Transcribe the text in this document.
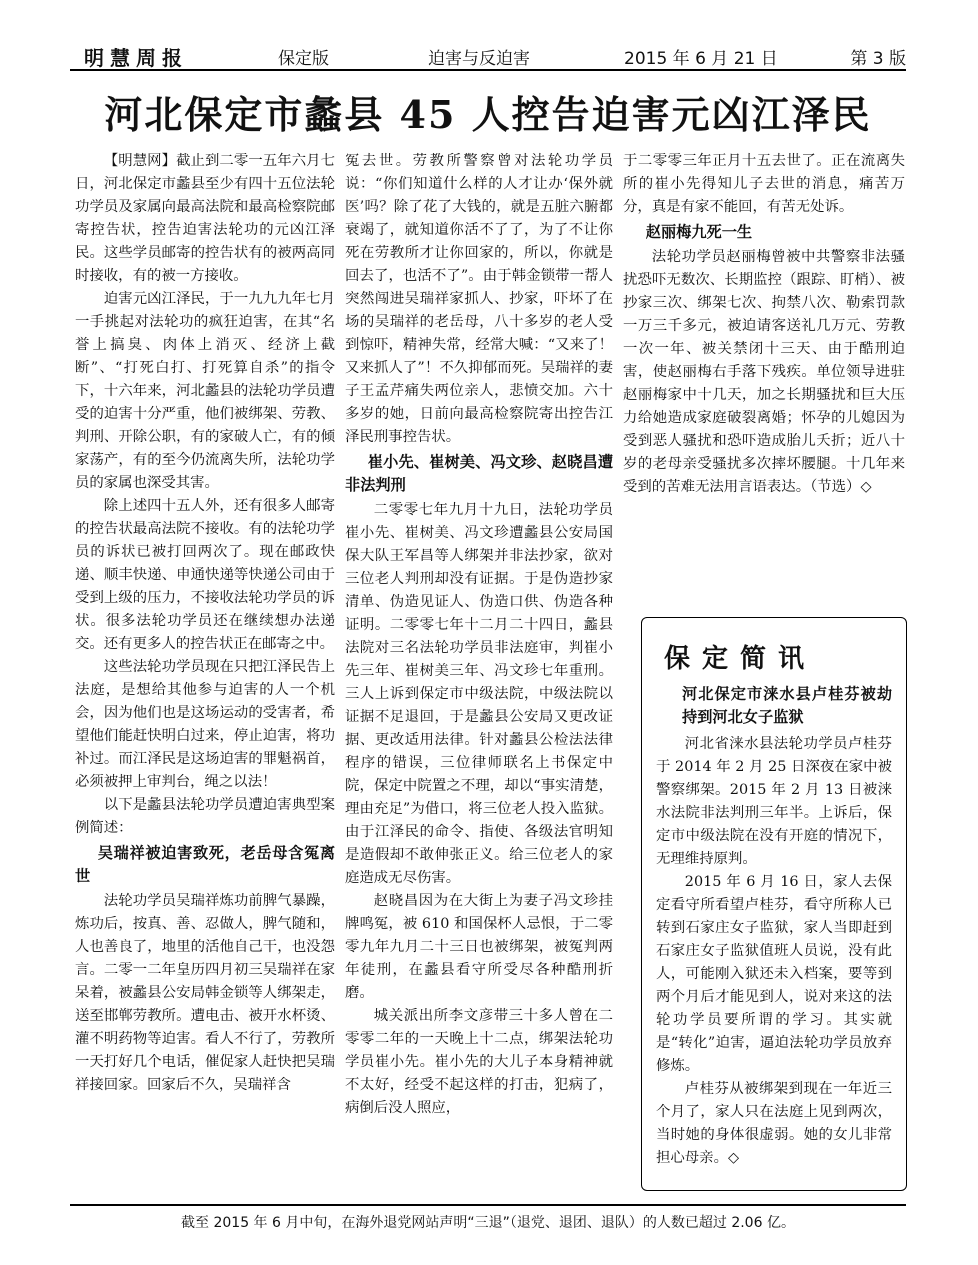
明慧周报	保定版	迫害与反迫害	2015 年 6 月 21 日	第 3 版
河北保定市蠡县 45 人控告迫害元凶江泽民

【明慧网】截止到二零一五年六月七日，河北保定市蠡县至少有四十五位法轮功学员及家属向最高法院和最高检察院邮寄控告状，控告迫害法轮功的元凶江泽民。这些学员邮寄的控告状有的被两高同时接收，有的被一方接收。

迫害元凶江泽民，于一九九九年七月一手挑起对法轮功的疯狂迫害，在其“名誉上搞臭、肉体上消灭、经济上截断”、“打死白打、打死算自杀”的指令下，十六年来，河北蠡县的法轮功学员遭受的迫害十分严重，他们被绑架、劳教、判刑、开除公职，有的家破人亡，有的倾家荡产，有的至今仍流离失所，法轮功学员的家属也深受其害。

除上述四十五人外，还有很多人邮寄的控告状最高法院不接收。有的法轮功学员的诉状已被打回两次了。现在邮政快递、顺丰快递、申通快递等快递公司由于受到上级的压力，不接收法轮功学员的诉状。很多法轮功学员还在继续想办法递交。还有更多人的控告状正在邮寄之中。

这些法轮功学员现在只把江泽民告上法庭，是想给其他参与迫害的人一个机会，因为他们也是这场运动的受害者，希望他们能赶快明白过来，停止迫害，将功补过。而江泽民是这场迫害的罪魁祸首，必须被押上审判台，绳之以法！

以下是蠡县法轮功学员遭迫害典型案例简述：

吴瑞祥被迫害致死，老岳母含冤离世

法轮功学员吴瑞祥炼功前脾气暴躁，炼功后，按真、善、忍做人，脾气随和，人也善良了，地里的活他自己干，也没怨言。二零一二年皇历四月初三吴瑞祥在家呆着，被蠡县公安局韩金锁等人绑架走，送至邯郸劳教所。遭电击、被开水杯烫、灌不明药物等迫害。看人不行了，劳教所一天打好几个电话，催促家人赶快把吴瑞祥接回家。回家后不久，吴瑞祥含

冤去世。劳教所警察曾对法轮功学员说：“你们知道什么样的人才让办‘保外就医’吗？除了花了大钱的，就是五脏六腑都衰竭了，就知道你活不了了，为了不让你死在劳教所才让你回家的，所以，你就是回去了，也活不了”。由于韩金锁带一帮人突然闯进吴瑞祥家抓人、抄家，吓坏了在场的吴瑞祥的老岳母，八十多岁的老人受到惊吓，精神失常，经常大喊：“又来了！又来抓人了”！不久抑郁而死。吴瑞祥的妻子王孟芹痛失两位亲人，悲愤交加。六十多岁的她，日前向最高检察院寄出控告江泽民刑事控告状。

崔小先、崔树美、冯文珍、赵晓昌遭非法判刑

二零零七年九月十九日，法轮功学员崔小先、崔树美、冯文珍遭蠡县公安局国保大队王军昌等人绑架并非法抄家，欲对三位老人判刑却没有证据。于是伪造抄家清单、伪造见证人、伪造口供、伪造各种证明。二零零七年十二月二十四日，蠡县法院对三名法轮功学员非法庭审，判崔小先三年、崔树美三年、冯文珍七年重刑。三人上诉到保定市中级法院，中级法院以证据不足退回，于是蠡县公安局又更改证据、更改适用法律。针对蠡县公检法法律程序的错误，三位律师联名上书保定中院，保定中院置之不理，却以“事实清楚，理由充足”为借口，将三位老人投入监狱。由于江泽民的命令、指使、各级法官明知是造假却不敢伸张正义。给三位老人的家庭造成无尽伤害。

赵晓昌因为在大街上为妻子冯文珍挂牌鸣冤，被 610 和国保杯人忌恨，于二零零九年九月二十三日也被绑架，被冤判两年徒刑，在蠡县看守所受尽各种酷刑折磨。

城关派出所李文彦带三十多人曾在二零零二年的一天晚上十二点，绑架法轮功学员崔小先。崔小先的大儿子本身精神就不太好，经受不起这样的打击，犯病了，病倒后没人照应，

于二零零三年正月十五去世了。正在流离失所的崔小先得知儿子去世的消息，痛苦万分，真是有家不能回，有苦无处诉。

赵丽梅九死一生

法轮功学员赵丽梅曾被中共警察非法骚扰恐吓无数次、长期监控（跟踪、盯梢）、被抄家三次、绑架七次、拘禁八次、勒索罚款一万三千多元，被迫请客送礼几万元、劳教一次一年、被关禁闭十三天、由于酷刑迫害，使赵丽梅右手落下残疾。单位领导进驻赵丽梅家中十几天，加之长期骚扰和巨大压力给她造成家庭破裂离婚；怀孕的儿媳因为受到恶人骚扰和恐吓造成胎儿夭折；近八十岁的老母亲受骚扰多次摔坏腰腿。十几年来受到的苦难无法用言语表达。（节选）◇

保定简讯
河北保定市涞水县卢桂芬被劫持到河北女子监狱

河北省涞水县法轮功学员卢桂芬于 2014 年 2 月 25 日深夜在家中被警察绑架。2015 年 2 月 13 日被涞水法院非法判刑三年半。上诉后，保定市中级法院在没有开庭的情况下，无理维持原判。

2015 年 6 月 16 日，家人去保定看守所看望卢桂芬，看守所称人已转到石家庄女子监狱，家人当即赶到石家庄女子监狱值班人员说，没有此人，可能刚入狱还未入档案，要等到两个月后才能见到人，说对来这的法轮功学员要所谓的学习。其实就是“转化”迫害，逼迫法轮功学员放弃修炼。

卢桂芬从被绑架到现在一年近三个月了，家人只在法庭上见到两次，当时她的身体很虚弱。她的女儿非常担心母亲。◇

截至 2015 年 6 月中旬，在海外退党网站声明“三退”（退党、退团、退队）的人数已超过 2.06 亿。
